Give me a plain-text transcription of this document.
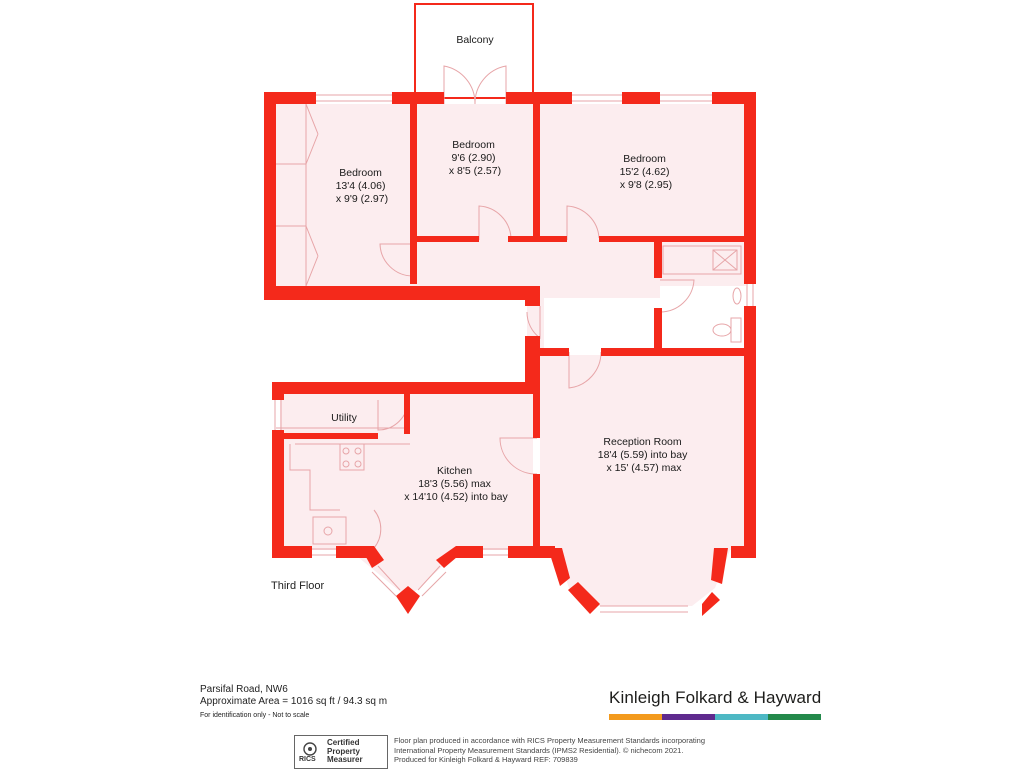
Balcony
Bedroom 13'4 (4.06) x 9'9 (2.97)
Bedroom 9'6 (2.90) x 8'5 (2.57)
Bedroom 15'2 (4.62) x 9'8 (2.95)
Utility
Kitchen 18'3 (5.56) max x 14'10 (4.52) into bay
Reception Room 18'4 (5.59) into bay x 15' (4.57) max
Third Floor
Parsifal Road, NW6
Approximate Area = 1016 sq ft / 94.3 sq m
For identification only - Not to scale
Kinleigh Folkard & Hayward
Certified
Property
Measurer
RICS
Floor plan produced in accordance with RICS Property Measurement Standards incorporating
International Property Measurement Standards (IPMS2 Residential). © nichecom 2021.
Produced for Kinleigh Folkard & Hayward REF: 709839
